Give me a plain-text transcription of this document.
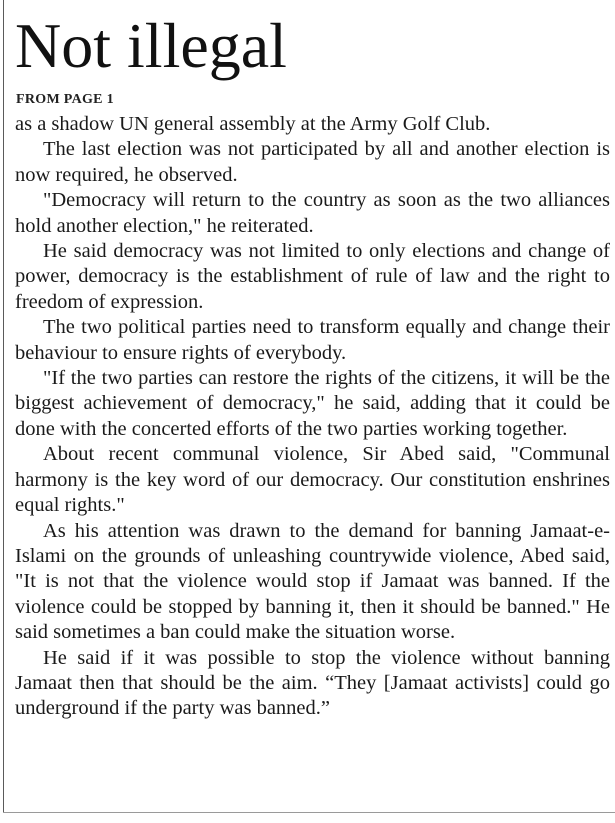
Not illegal
FROM PAGE 1

as a shadow UN general assembly at the Army Golf Club.

The last election was not participated by all and another election is now required, he observed.

"Democracy will return to the country as soon as the two alliances hold another election," he reiterated.

He said democracy was not limited to only elections and change of power, democracy is the establishment of rule of law and the right to freedom of expression.

The two political parties need to transform equally and change their behaviour to ensure rights of everybody.

"If the two parties can restore the rights of the citizens, it will be the biggest achievement of democracy," he said, adding that it could be done with the concerted efforts of the two parties working together.

About recent communal violence, Sir Abed said, "Communal harmony is the key word of our democracy. Our constitution enshrines equal rights."

As his attention was drawn to the demand for banning Jamaat-e-Islami on the grounds of unleashing countrywide violence, Abed said, "It is not that the violence would stop if Jamaat was banned. If the violence could be stopped by banning it, then it should be banned." He said sometimes a ban could make the situation worse.

He said if it was possible to stop the violence without banning Jamaat then that should be the aim. “They [Jamaat activists] could go underground if the party was banned.”
